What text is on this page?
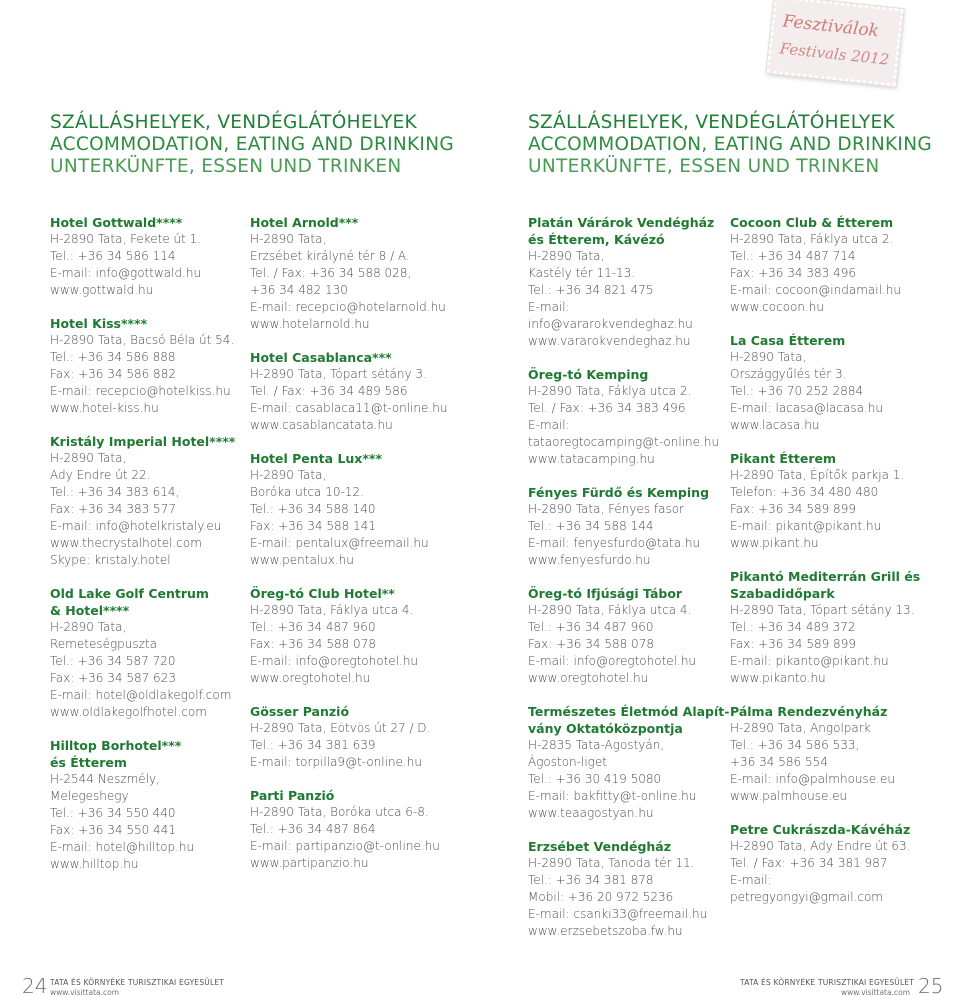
SZÁLLÁSHELYEK, VENDÉGLÁTÓHELYEK
ACCOMMODATION, EATING AND DRINKING
UNTERKÜNFTE, ESSEN UND TRINKEN
Hotel Gottwald****
H-2890 Tata, Fekete út 1.
Tel.: +36 34 586 114
E-mail: info@gottwald.hu
www.gottwald.hu
Hotel Kiss****
H-2890 Tata, Bacsó Béla út 54.
Tel.: +36 34 586 888
Fax: +36 34 586 882
E-mail: recepcio@hotelkiss.hu
www.hotel-kiss.hu
Kristály Imperial Hotel****
H-2890 Tata,
Ady Endre út 22.
Tel.: +36 34 383 614,
Fax: +36 34 383 577
E-mail: info@hotelkristaly.eu
www.thecrystalhotel.com
Skype: kristaly.hotel
Old Lake Golf Centrum
& Hotel****
H-2890 Tata,
Remeteségpuszta
Tel.: +36 34 587 720
Fax: +36 34 587 623
E-mail: hotel@oldlakegolf.com
www.oldlakegolfhotel.com
Hilltop Borhotel***
és Étterem
H-2544 Neszmély,
Melegeshegy
Tel.: +36 34 550 440
Fax: +36 34 550 441
E-mail: hotel@hilltop.hu
www.hilltop.hu
Hotel Arnold***
H-2890 Tata,
Erzsébet királyné tér 8 / A.
Tel. / Fax: +36 34 588 028,
+36 34 482 130
E-mail: recepcio@hotelarnold.hu
www.hotelarnold.hu
Hotel Casablanca***
H-2890 Tata, Tópart sétány 3.
Tel. / Fax: +36 34 489 586
E-mail: casablaca11@t-online.hu
www.casablancatata.hu
Hotel Penta Lux***
H-2890 Tata,
Boróka utca 10-12.
Tel.: +36 34 588 140
Fax: +36 34 588 141
E-mail: pentalux@freemail.hu
www.pentalux.hu
Öreg-tó Club Hotel**
H-2890 Tata, Fáklya utca 4.
Tel.: +36 34 487 960
Fax: +36 34 588 078
E-mail: info@oregtohotel.hu
www.oregtohotel.hu
Gösser Panzió
H-2890 Tata, Eötvös út 27 / D.
Tel.: +36 34 381 639
E-mail: torpilla9@t-online.hu
Parti Panzió
H-2890 Tata, Boróka utca 6-8.
Tel.: +36 34 487 864
E-mail: partipanzio@t-online.hu
www.partipanzio.hu
24 TATA ÉS KÖRNYÉKE TURISZTIKAI EGYESÜLET
www.visittata.com
SZÁLLÁSHELYEK, VENDÉGLÁTÓHELYEK
ACCOMMODATION, EATING AND DRINKING
UNTERKÜNFTE, ESSEN UND TRINKEN
Platán Várárok Vendégház
és Étterem, Kávézó
H-2890 Tata,
Kastély tér 11-13.
Tel.: +36 34 821 475
E-mail:
info@vararokvendeghaz.hu
www.vararokvendeghaz.hu
Öreg-tó Kemping
H-2890 Tata, Fáklya utca 2.
Tel. / Fax: +36 34 383 496
E-mail:
tataoregtocamping@t-online.hu
www.tatacamping.hu
Fényes Fürdő és Kemping
H-2890 Tata, Fényes fasor
Tel.: +36 34 588 144
E-mail: fenyesfurdo@tata.hu
www.fenyesfurdo.hu
Öreg-tó Ifjúsági Tábor
H-2890 Tata, Fáklya utca 4.
Tel.: +36 34 487 960
Fax: +36 34 588 078
E-mail: info@oregtohotel.hu
www.oregtohotel.hu
Természetes Életmód Alapít-
vány Oktatóközpontja
H-2835 Tata-Agostyán,
Ágoston-liget
Tel.: +36 30 419 5080
E-mail: bakfitty@t-online.hu
www.teaagostyan.hu
Erzsébet Vendégház
H-2890 Tata, Tanoda tér 11.
Tel.: +36 34 381 878
Mobil: +36 20 972 5236
E-mail: csanki33@freemail.hu
www.erzsebetszoba.fw.hu
Cocoon Club & Étterem
H-2890 Tata, Fáklya utca 2.
Tel.: +36 34 487 714
Fax: +36 34 383 496
E-mail: cocoon@indamail.hu
www.cocoon.hu
La Casa Étterem
H-2890 Tata,
Országgyűlés tér 3.
Tel.: +36 70 252 2884
E-mail: lacasa@lacasa.hu
www.lacasa.hu
Pikant Étterem
H-2890 Tata, Építők parkja 1.
Telefon: +36 34 480 480
Fax: +36 34 589 899
E-mail: pikant@pikant.hu
www.pikant.hu
Pikantó Mediterrán Grill és
Szabadidőpark
H-2890 Tata, Tópart sétány 13.
Tel.: +36 34 489 372
Fax: +36 34 589 899
E-mail: pikanto@pikant.hu
www.pikanto.hu
Pálma Rendezvényház
H-2890 Tata, Angolpark
Tel.: +36 34 586 533,
+36 34 586 554
E-mail: info@palmhouse.eu
www.palmhouse.eu
Petre Cukrászda-Kávéház
H-2890 Tata, Ady Endre út 63.
Tel. / Fax: +36 34 381 987
E-mail:
petregyongyi@gmail.com
TATA ÉS KÖRNYÉKE TURISZTIKAI EGYESÜLET
www.visittata.com 25
Fesztiválok
Festivals 2012
